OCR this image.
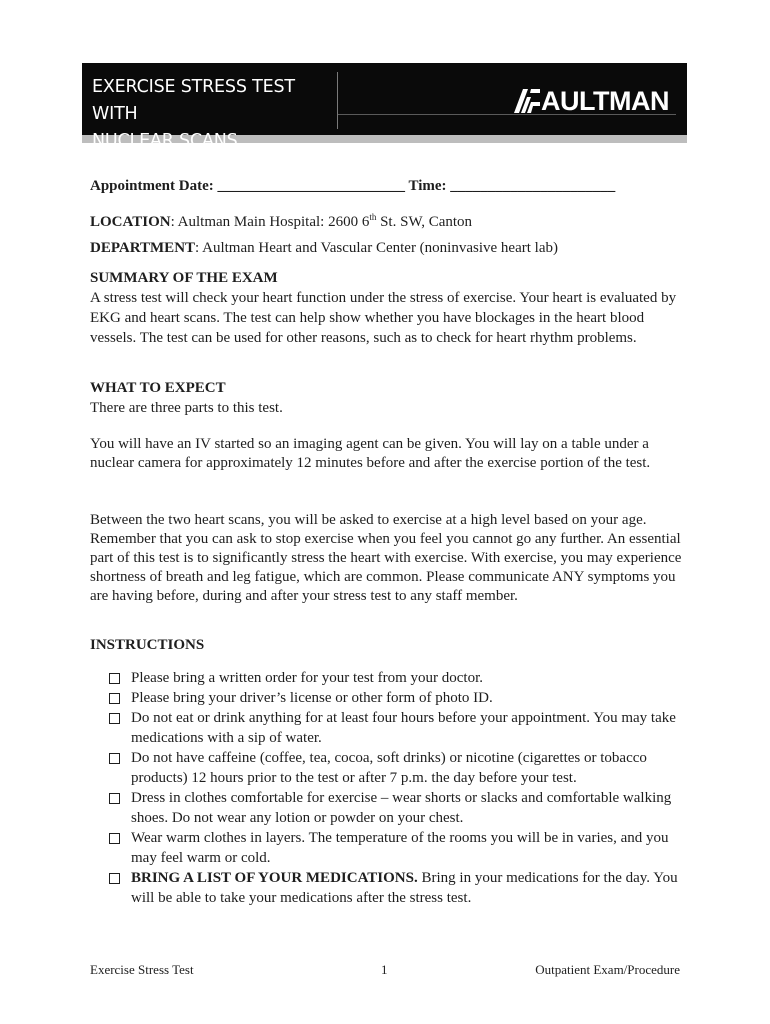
EXERCISE STRESS TEST WITH
NUCLEAR SCANS
AULTMAN
Appointment Date: _________________________ Time: ______________________
LOCATION: Aultman Main Hospital: 2600 6th St. SW, Canton
DEPARTMENT: Aultman Heart and Vascular Center (noninvasive heart lab)
SUMMARY OF THE EXAM
A stress test will check your heart function under the stress of exercise. Your heart is evaluated by EKG and heart scans. The test can help show whether you have blockages in the heart blood vessels. The test can be used for other reasons, such as to check for heart rhythm problems.
WHAT TO EXPECT
There are three parts to this test.
You will have an IV started so an imaging agent can be given. You will lay on a table under a nuclear camera for approximately 12 minutes before and after the exercise portion of the test.
Between the two heart scans, you will be asked to exercise at a high level based on your age. Remember that you can ask to stop exercise when you feel you cannot go any further. An essential part of this test is to significantly stress the heart with exercise. With exercise, you may experience shortness of breath and leg fatigue, which are common. Please communicate ANY symptoms you are having before, during and after your stress test to any staff member.
INSTRUCTIONS
Please bring a written order for your test from your doctor.
Please bring your driver’s license or other form of photo ID.
Do not eat or drink anything for at least four hours before your appointment. You may take medications with a sip of water.
Do not have caffeine (coffee, tea, cocoa, soft drinks) or nicotine (cigarettes or tobacco products) 12 hours prior to the test or after 7 p.m. the day before your test.
Dress in clothes comfortable for exercise – wear shorts or slacks and comfortable walking shoes. Do not wear any lotion or powder on your chest.
Wear warm clothes in layers. The temperature of the rooms you will be in varies, and you may feel warm or cold.
BRING A LIST OF YOUR MEDICATIONS. Bring in your medications for the day. You will be able to take your medications after the stress test.
Exercise Stress Test	1	Outpatient Exam/Procedure
